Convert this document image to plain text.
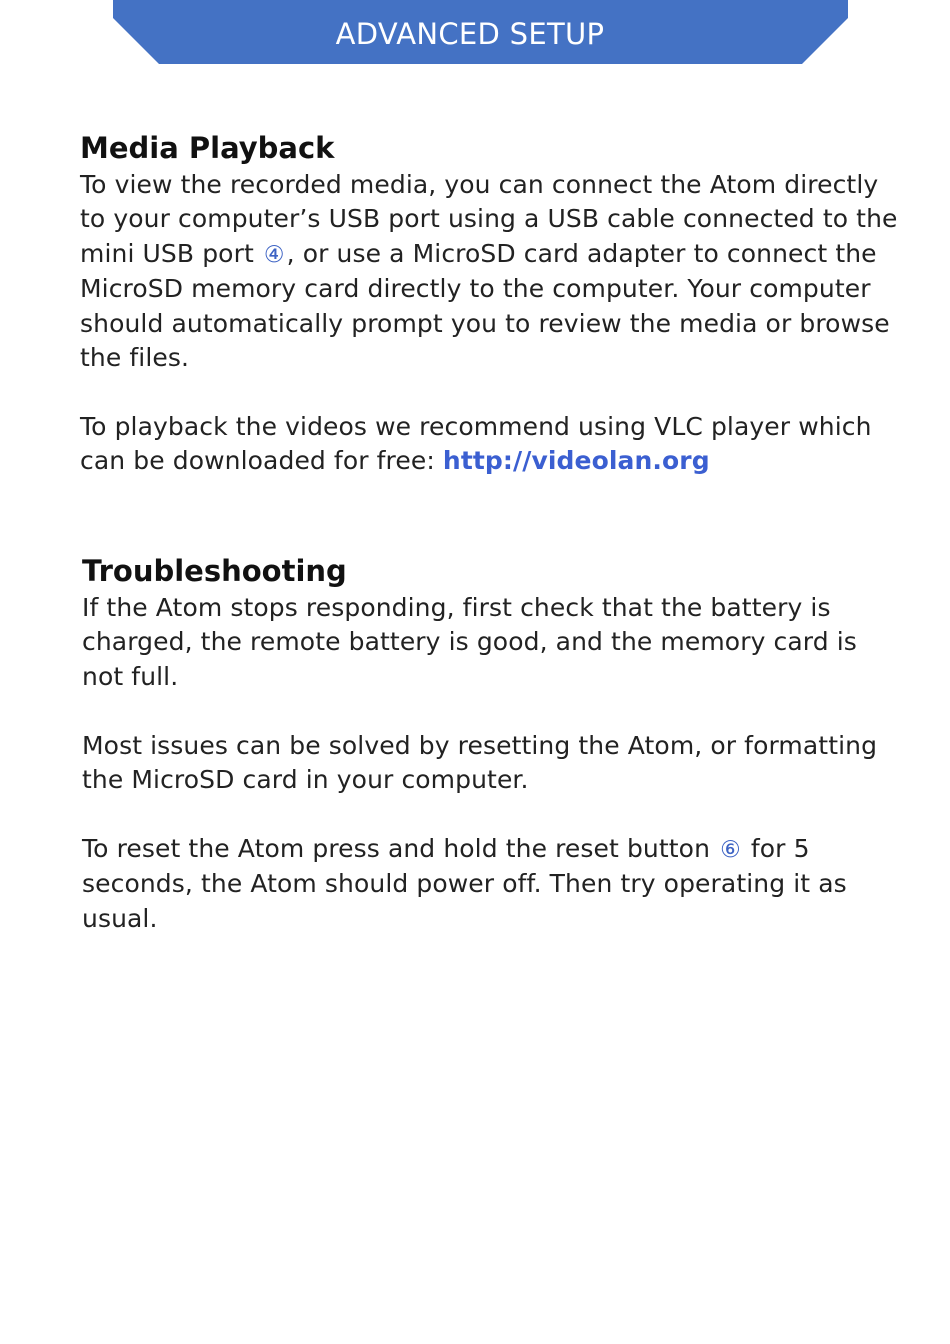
ADVANCED SETUP
Media Playback

To view the recorded media, you can connect the Atom directly to your computer’s USB port using a USB cable connected to the mini USB port ④, or use a MicroSD card adapter to connect the MicroSD memory card directly to the computer. Your computer should automatically prompt you to review the media or browse the files.

To playback the videos we recommend using VLC player which can be downloaded for free: http://videolan.org

Troubleshooting

If the Atom stops responding, first check that the battery is charged, the remote battery is good, and the memory card is not full.

Most issues can be solved by resetting the Atom, or formatting the MicroSD card in your computer.

To reset the Atom press and hold the reset button ⑥ for 5 seconds, the Atom should power off. Then try operating it as usual.
